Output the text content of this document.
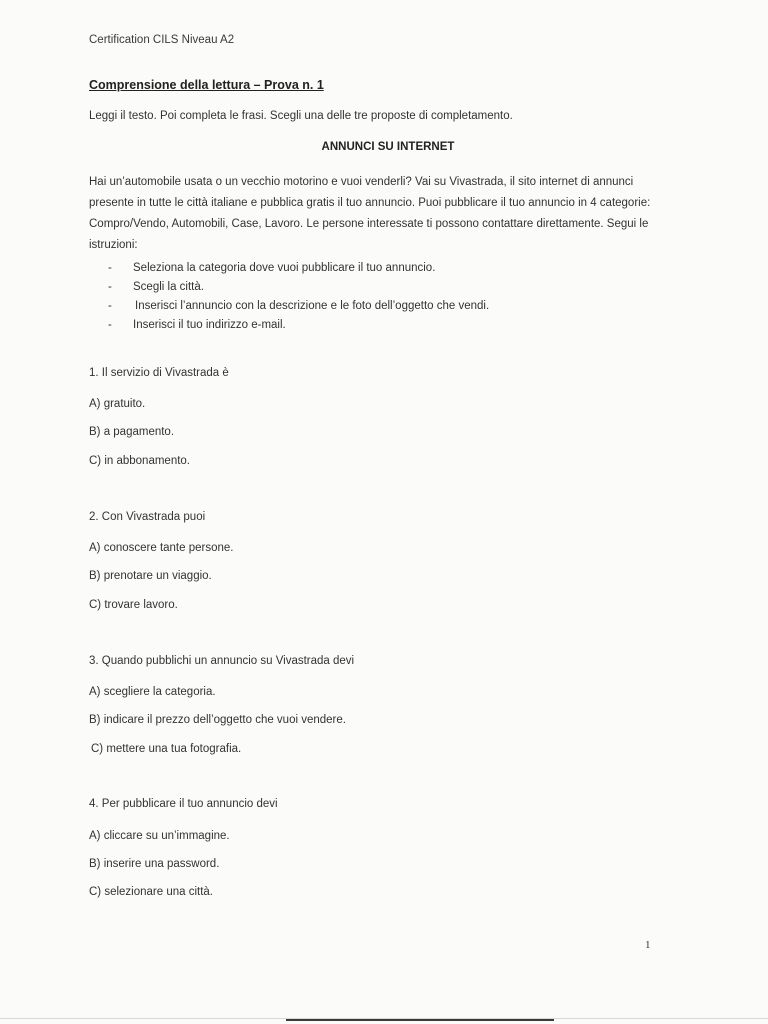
Certification CILS Niveau A2
Comprensione della lettura – Prova n. 1
Leggi il testo. Poi completa le frasi. Scegli una delle tre proposte di completamento.
ANNUNCI SU INTERNET
Hai un’automobile usata o un vecchio motorino e vuoi venderli? Vai su Vivastrada, il sito internet di annunci presente in tutte le città italiane e pubblica gratis il tuo annuncio. Puoi pubblicare il tuo annuncio in 4 categorie: Compro/Vendo, Automobili, Case, Lavoro. Le persone interessate ti possono contattare direttamente. Segui le istruzioni:
- Seleziona la categoria dove vuoi pubblicare il tuo annuncio.
- Scegli la città.
- Inserisci l’annuncio con la descrizione e le foto dell’oggetto che vendi.
- Inserisci il tuo indirizzo e-mail.
1. Il servizio di Vivastrada è
A) gratuito.
B) a pagamento.
C) in abbonamento.
2. Con Vivastrada puoi
A) conoscere tante persone.
B) prenotare un viaggio.
C) trovare lavoro.
3. Quando pubblichi un annuncio su Vivastrada devi
A) scegliere la categoria.
B) indicare il prezzo dell’oggetto che vuoi vendere.
C) mettere una tua fotografia.
4. Per pubblicare il tuo annuncio devi
A) cliccare su un’immagine.
B) inserire una password.
C) selezionare una città.
1
